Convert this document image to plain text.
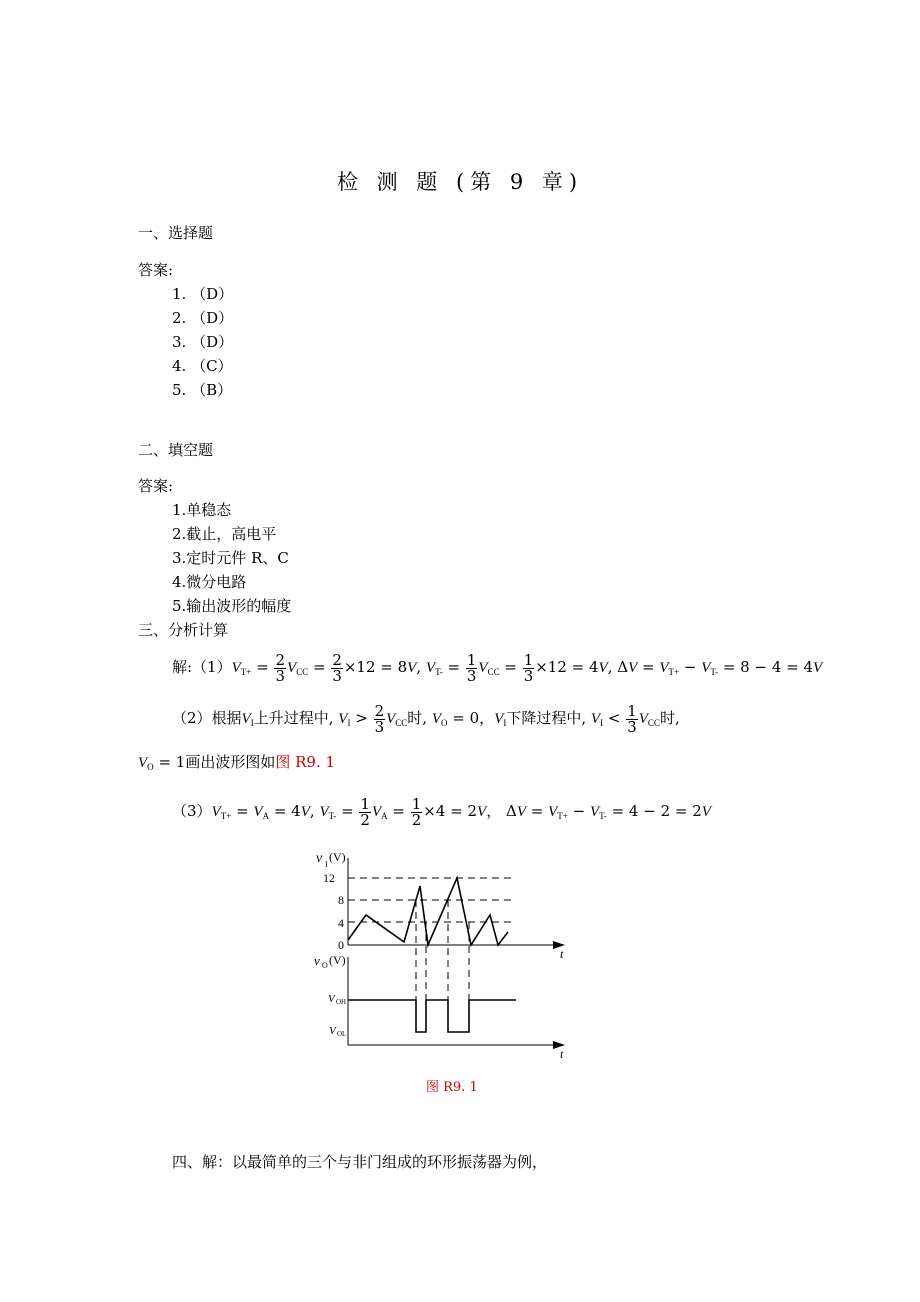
检 测 题 (第 9 章)
一、选择题
答案:
1. （D）
2. （D）
3. （D）
4. （C）
5. （B）
二、填空题
答案:
1.单稳态
2.截止，高电平
3.定时元件 R、C
4.微分电路
5.输出波形的幅度
三、分析计算
解$:(1)V_{T+} = \frac{2}{3} V_{CC} = \frac{2}{3} \times 12 = 8V$, $V_{T-} = \frac{1}{3} V_{CC} = \frac{1}{3} \times 12 = 4V$, $\Delta V = V_{T+} - V_{T-} = 8 - 4 = 4V$
（2）根据$V_I$上升过程中, $V_I > \frac{2}{3} V_{CC}$时, $V_O = 0$，$V_I$下降过程中, $V_I < \frac{1}{3} V_{CC}$时,
$V_O = 1$画出波形图如图 R9. 1
$(3)V_{T+} = V_A = 4V$, $V_{T-} = \frac{1}{2} V_A = \frac{1}{2} \times 4 = 2V$， $\Delta V = V_{T+} - V_{T-} = 4 - 2 = 2V$
v I
(V)
12
8
4
0
t
v O (V)
V OH
V OL
t
图 R9. 1
四、解：以最简单的三个与非门组成的环形振荡器为例，
